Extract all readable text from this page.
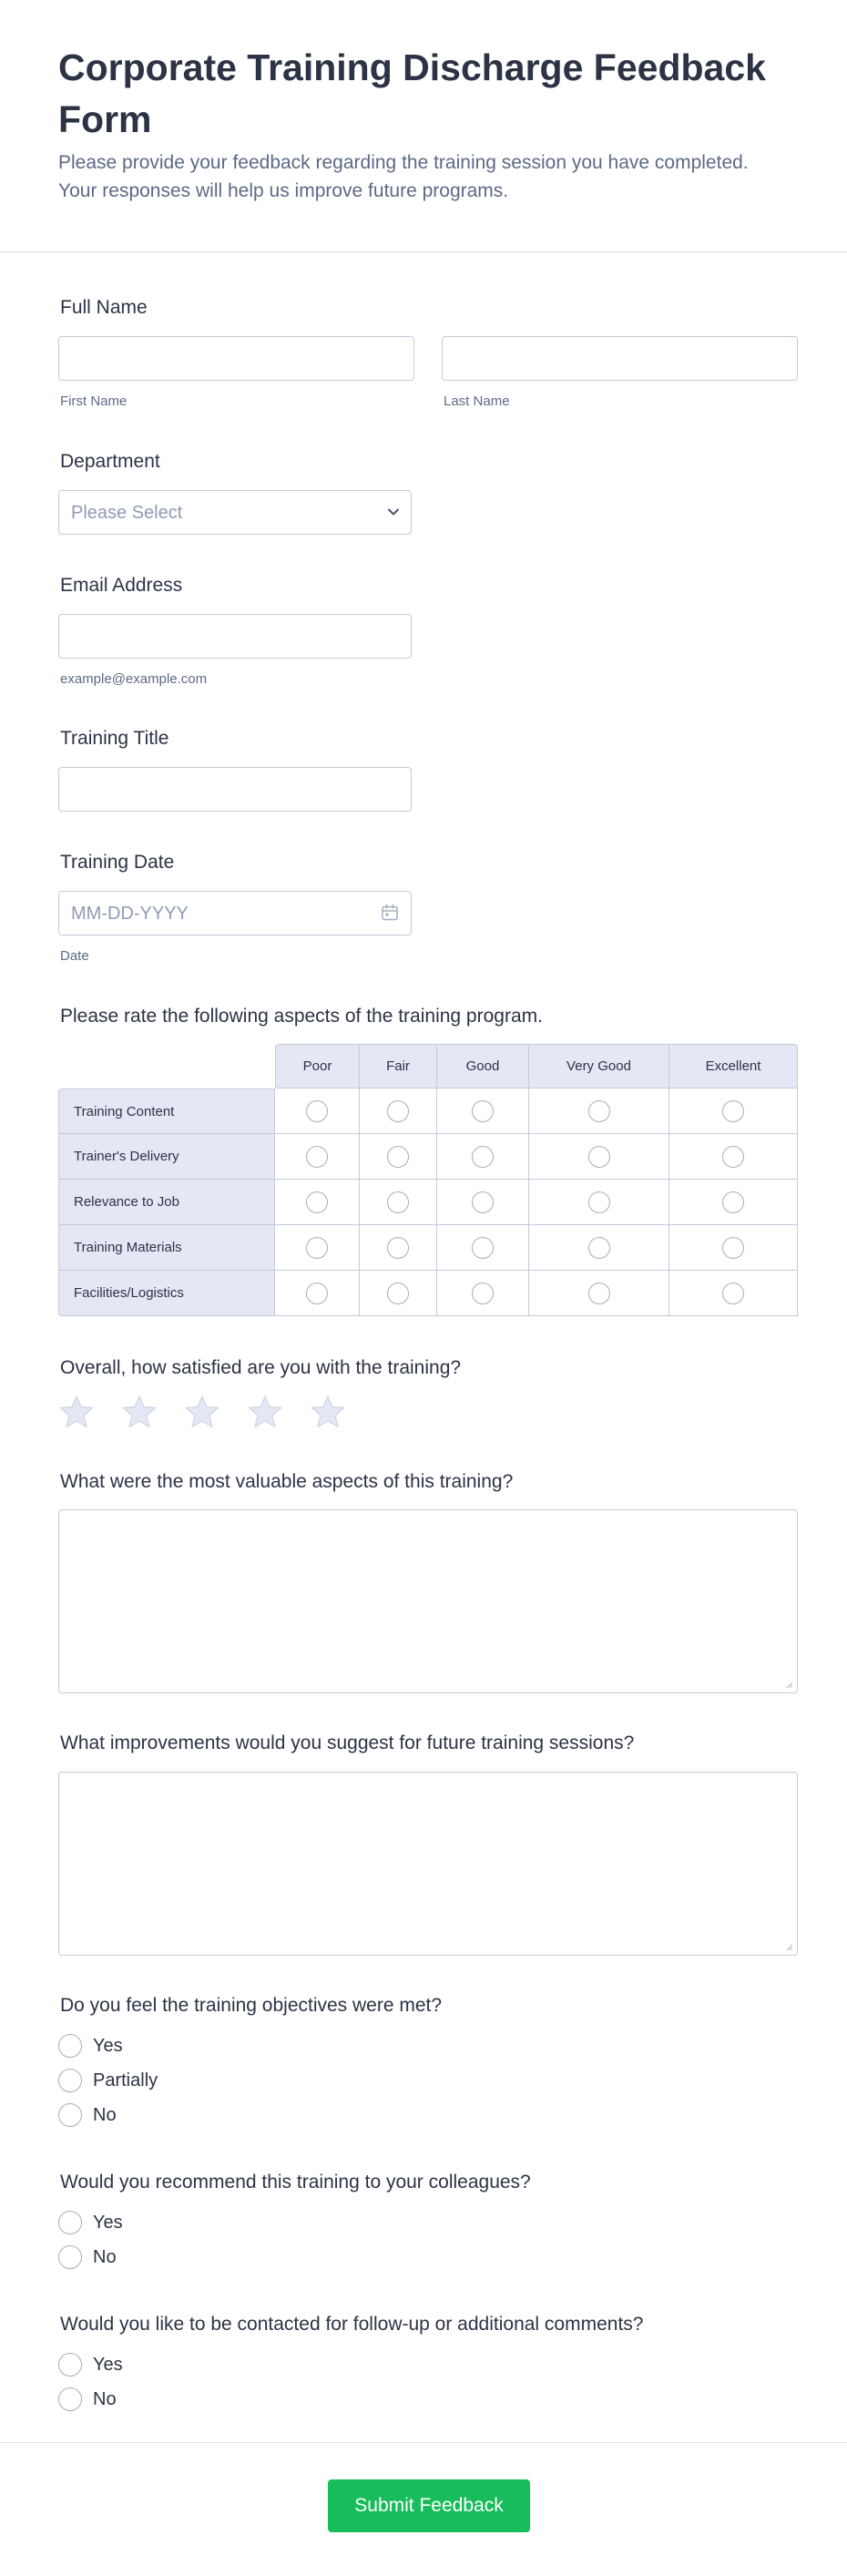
Corporate Training Discharge Feedback Form
Please provide your feedback regarding the training session you have completed. Your responses will help us improve future programs.
Full Name
First Name	Last Name
Department
Please Select
Email Address
example@example.com
Training Title
Training Date
MM-DD-YYYY
Date
Please rate the following aspects of the training program.
Poor	Fair	Good	Very Good	Excellent
Training Content
Trainer's Delivery
Relevance to Job
Training Materials
Facilities/Logistics
Overall, how satisfied are you with the training?
What were the most valuable aspects of this training?
What improvements would you suggest for future training sessions?
Do you feel the training objectives were met?
Yes
Partially
No
Would you recommend this training to your colleagues?
Yes
No
Would you like to be contacted for follow-up or additional comments?
Yes
No
Submit Feedback
